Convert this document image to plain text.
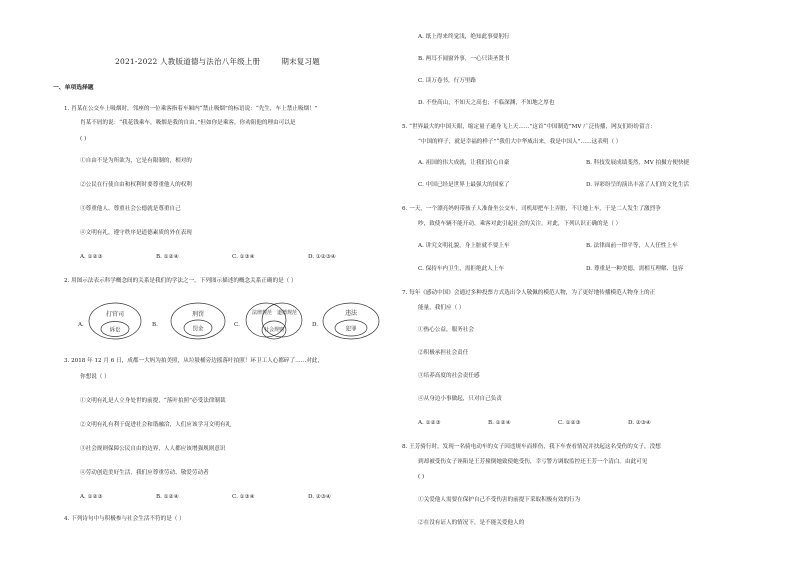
2021-2022 人教版道德与法治八年级上册	期末复习题
一、单项选择题
1. 肖某在公交车上吸烟时，邻座的一位乘客指着车厢内“禁止吸烟”的标语说：“先生，车上禁止吸烟！”
肖某不屑的说：“我花钱乘车，吸烟是我的自由。”但如你是乘客，你劝阻他的理由可以是
( )
①自由不是为所欲为，它是有限制的，相对的
②公民在行使自由和权利时要尊重他人的权利
③尊重他人、尊重社会公德就是尊重自己
④文明有礼，遵守秩序是道德素质的外在表现
A. ①②③	B. ①②④	C. ①③④	D. ①②③④
2. 用图示法表示科学概念间的关系是我们的学法之一，下列图示描述的概念关系正确的是（ ）
A.
打官司
诉讼
B.
刑罚
罚金
C.
法律规范 道德规范
社会规则
D.
违法
犯罪
3. 2018 年 12 月 6 日，成都一大妈为拍美照，从垃圾桶旁边摇落叶拍照！环卫工人心都碎了……对此，
你想说（ ）
①文明有礼是人立身处世的前提，“落叶拍照”必受法律制裁
②文明有礼有利于促进社会和谐融洽，人们应该学习文明有礼
③社会规则保障公民自由的边界，人人都应该增强规则意识
④劳动创造美好生活，我们应尊重劳动、敬爱劳动者
A. ①②③	B. ①②④	C. ①③④	D. ②③④
4. 下列诗句中与积极参与社会生活不符的是（ ）
A. 纸上得来终觉浅，绝知此事要躬行
B. 两耳不闻窗外事，一心只读圣贤书
C. 读万卷书，行万里路
D. 不登高山，不知天之高也；不临深渊，不知地之厚也
5. “世界最大的中国天眼，缩定量子通身飞上天……”这首“中国制造”MV 广泛传播，网友们纷纷留言：
“中国的样子，就是幸福的样子”“我们大中华威出来，我是中国人”……这表明（ ）
A. 祖国的伟大成就，让我们信心自豪	B. 科技发展成绩斐然，MV 拍摄方便快捷
C. 中国已经是世界上最强大的国家了	D. 异彩纷呈的演出丰富了人们的文化生活
6. 一天，一个漂亮妈妈带孩子人准备坐公交车，司机却把车上弄脏，不让她上车，于是二人发生了激烈争
吵，致使车辆不能开动，乘客对此引起社会的关注。对此，下列认识正确的是（ ）
A. 讲究文明礼貌，身上脏就不要上车	B. 法律面前一律平等，人人任性上车
C. 保持车内卫生，需拒绝此人上车	D. 尊重是一种美德，需相互理解、包容
7. 每年《感动中国》会通过多种投票方式选出令人敬佩的模范人物，为了更好地传播模范人物身上的正
能量，我们应（ ）
①热心公益，服务社会
②积极承担社会责任
③培养高度的社会责任感
④从身边小事做起，只对自己负责
A. ①②③	B. ①②④	C. ①②③	D. ②③④
8. 王芳骑行时，发现一名骑电动车的女子因违规车而摔伤，我下车查看情况并扶起这名受伤的女子，没想
到却被受伤女子诬陷是王芳撞倒她致使她受伤，幸亏警方调取监控还王芳一个清白。由此可见
( )
①关爱他人需要在保护自己不受伤害的前提下采取积极有效的行为
②在没有证人的情况下，是不能关爱他人的
